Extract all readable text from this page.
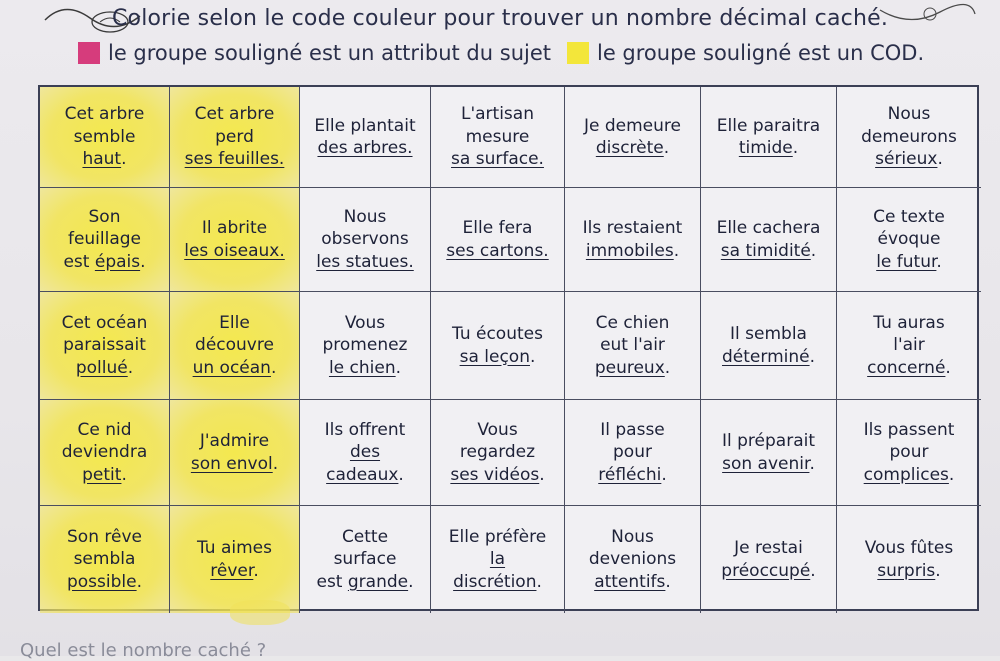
Colorie selon le code couleur pour trouver un nombre décimal caché.
le groupe souligné est un attribut du sujet le groupe souligné est un COD.
Cet arbre
semble
haut.
Cet arbre
perd
ses feuilles.
Elle plantait
des arbres.
L'artisan
mesure
sa surface.
Je demeure
discrète.
Elle paraitra
timide.
Nous
demeurons
sérieux.
Son
feuillage
est épais.
Il abrite
les oiseaux.
Nous
observons
les statues.
Elle fera
ses cartons.
Ils restaient
immobiles.
Elle cachera
sa timidité.
Ce texte
évoque
le futur.
Cet océan
paraissait
pollué.
Elle
découvre
un océan.
Vous
promenez
le chien.
Tu écoutes
sa leçon.
Ce chien
eut l'air
peureux.
Il sembla
déterminé.
Tu auras
l'air
concerné.
Ce nid
deviendra
petit.
J'admire
son envol.
Ils offrent
des
cadeaux.
Vous
regardez
ses vidéos.
Il passe
pour
réfléchi.
Il préparait
son avenir.
Ils passent
pour
complices.
Son rêve
sembla
possible.
Tu aimes
rêver.
Cette
surface
est grande.
Elle préfère
la
discrétion.
Nous
devenions
attentifs.
Je restai
préoccupé.
Vous fûtes
surpris.
Quel est le nombre caché ?
